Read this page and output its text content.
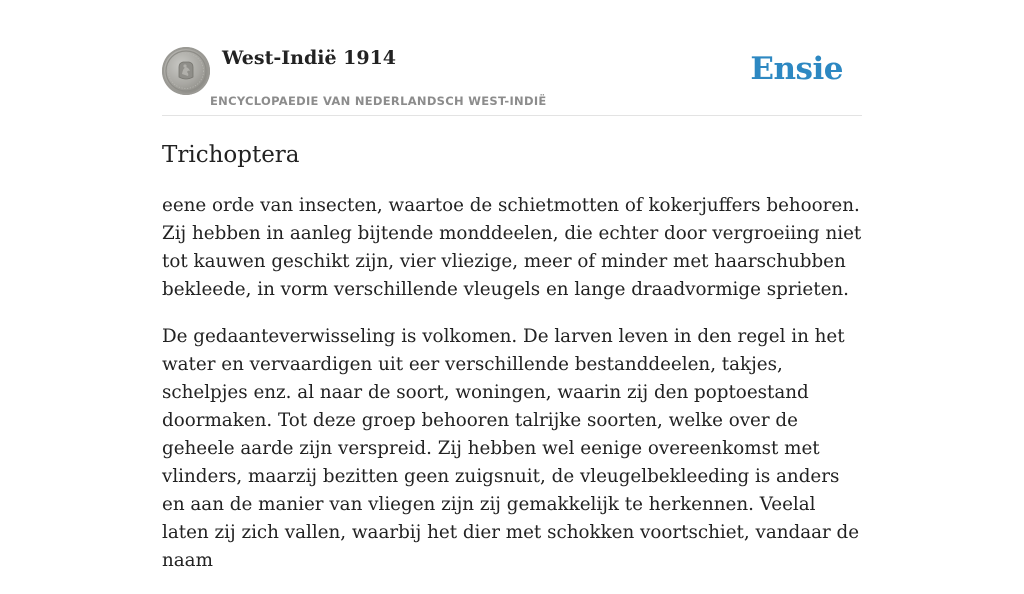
West-Indië 1914
ENCYCLOPAEDIE VAN NEDERLANDSCH WEST-INDIË
Ensie
Trichoptera

eene orde van insecten, waartoe de schietmotten of kokerjuffers behooren. Zij hebben in aanleg bijtende monddeelen, die echter door vergroeiing niet tot kauwen geschikt zijn, vier vliezige, meer of minder met haarschubben bekleede, in vorm verschillende vleugels en lange draadvormige sprieten.

De gedaanteverwisseling is volkomen. De larven leven in den regel in het water en vervaardigen uit eer verschillende bestanddeelen, takjes, schelpjes enz. al naar de soort, woningen, waarin zij den poptoestand doormaken. Tot deze groep behooren talrijke soorten, welke over de geheele aarde zijn verspreid. Zij hebben wel eenige overeenkomst met vlinders, maarzij bezitten geen zuigsnuit, de vleugelbekleeding is anders en aan de manier van vliegen zijn zij gemakkelijk te herkennen. Veelal laten zij zich vallen, waarbij het dier met schokken voortschiet, vandaar de naam
